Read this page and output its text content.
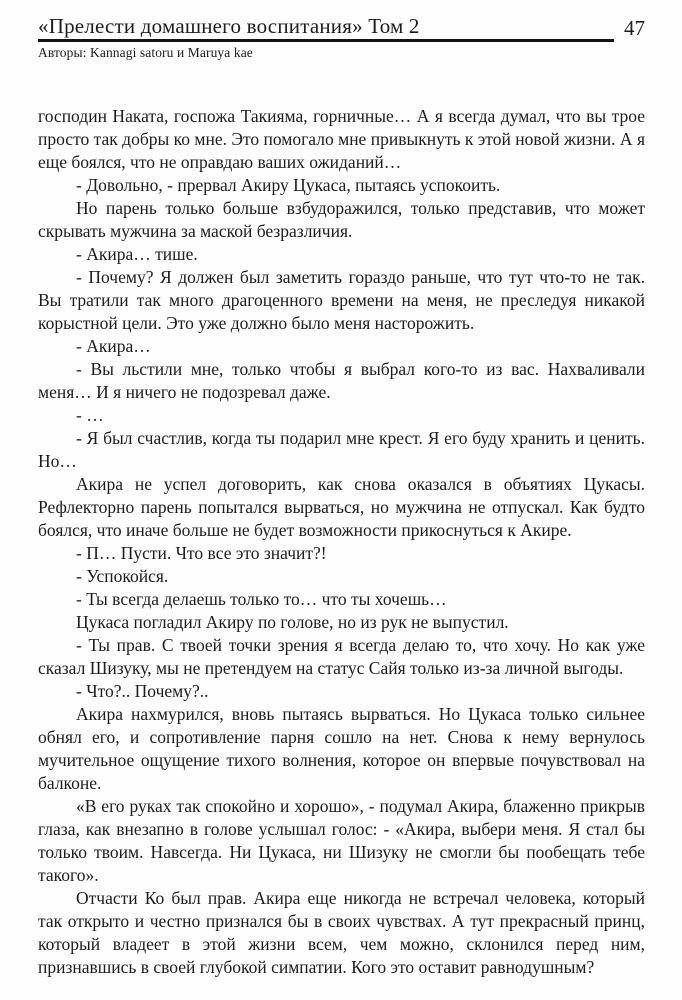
«Прелести домашнего воспитания» Том 2	47
Авторы: Kannagi satoru и Maruya kae

господин Наката, госпожа Такияма, горничные… А я всегда думал, что вы трое просто так добры ко мне. Это помогало мне привыкнуть к этой новой жизни. А я еще боялся, что не оправдаю ваших ожиданий…

- Довольно, - прервал Акиру Цукаса, пытаясь успокоить.

Но парень только больше взбудоражился, только представив, что может скрывать мужчина за маской безразличия.

- Акира… тише.

- Почему? Я должен был заметить гораздо раньше, что тут что-то не так. Вы тратили так много драгоценного времени на меня, не преследуя никакой корыстной цели. Это уже должно было меня насторожить.

- Акира…

- Вы льстили мне, только чтобы я выбрал кого-то из вас. Нахваливали меня… И я ничего не подозревал даже.

- …

- Я был счастлив, когда ты подарил мне крест. Я его буду хранить и ценить. Но…

Акира не успел договорить, как снова оказался в объятиях Цукасы. Рефлекторно парень попытался вырваться, но мужчина не отпускал. Как будто боялся, что иначе больше не будет возможности прикоснуться к Акире.

- П… Пусти. Что все это значит?!

- Успокойся.

- Ты всегда делаешь только то… что ты хочешь…

Цукаса погладил Акиру по голове, но из рук не выпустил.

- Ты прав. С твоей точки зрения я всегда делаю то, что хочу. Но как уже сказал Шизуку, мы не претендуем на статус Сайя только из-за личной выгоды.

- Что?.. Почему?..

Акира нахмурился, вновь пытаясь вырваться. Но Цукаса только сильнее обнял его, и сопротивление парня сошло на нет. Снова к нему вернулось мучительное ощущение тихого волнения, которое он впервые почувствовал на балконе.

«В его руках так спокойно и хорошо», - подумал Акира, блаженно прикрыв глаза, как внезапно в голове услышал голос: - «Акира, выбери меня. Я стал бы только твоим. Навсегда. Ни Цукаса, ни Шизуку не смогли бы пообещать тебе такого».

Отчасти Ко был прав. Акира еще никогда не встречал человека, который так открыто и честно признался бы в своих чувствах. А тут прекрасный принц, который владеет в этой жизни всем, чем можно, склонился перед ним, признавшись в своей глубокой симпатии. Кого это оставит равнодушным?
